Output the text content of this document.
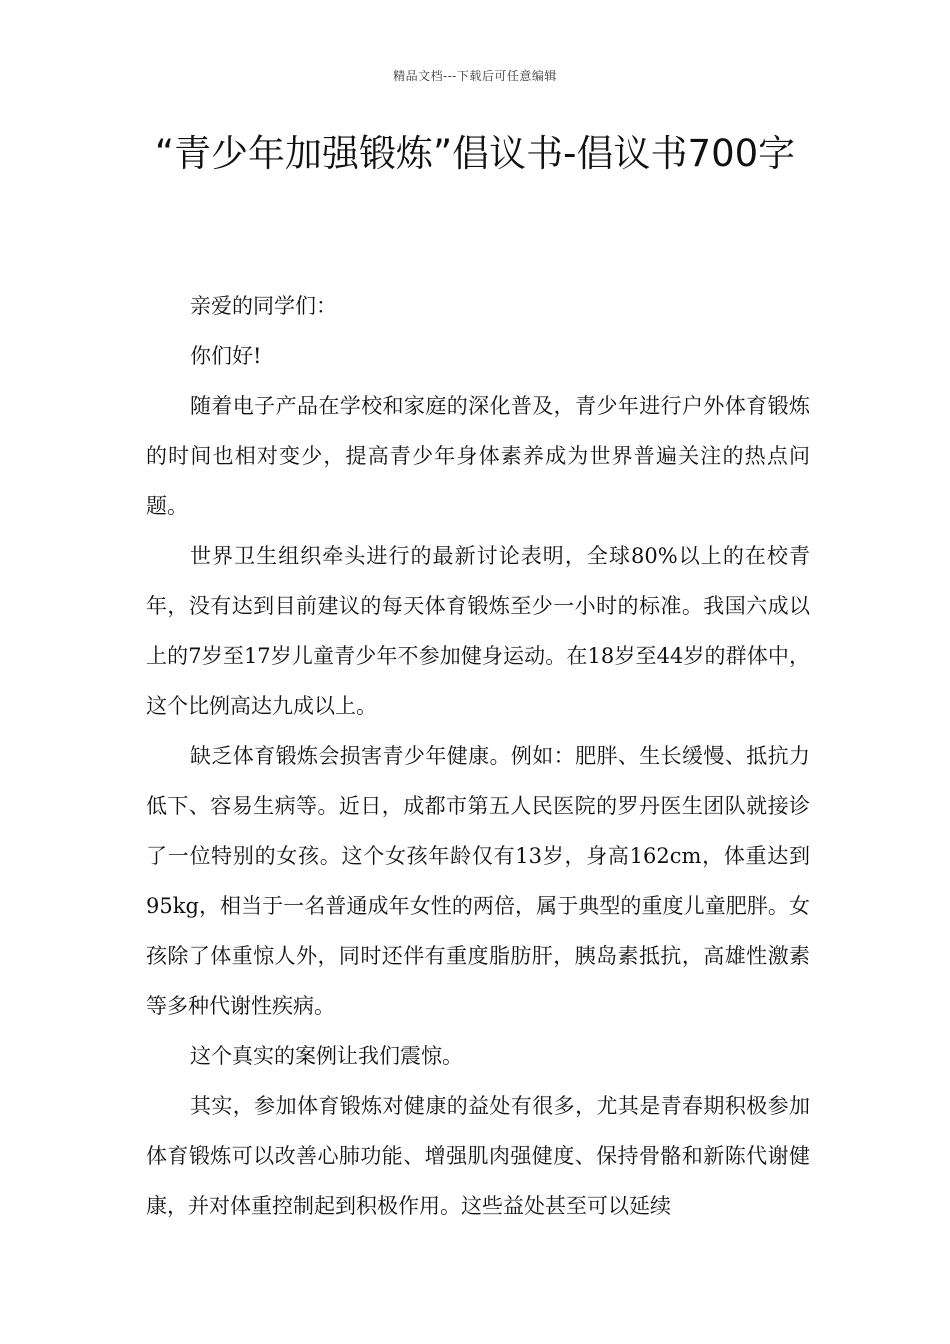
精品文档---下载后可任意编辑
“青少年加强锻炼”倡议书-倡议书700字

亲爱的同学们：

你们好!

随着电子产品在学校和家庭的深化普及，青少年进行户外体育锻炼的时间也相对变少，提高青少年身体素养成为世界普遍关注的热点问题。

世界卫生组织牵头进行的最新讨论表明，全球80%以上的在校青年，没有达到目前建议的每天体育锻炼至少一小时的标准。我国六成以上的7岁至17岁儿童青少年不参加健身运动。在18岁至44岁的群体中，这个比例高达九成以上。

缺乏体育锻炼会损害青少年健康。例如：肥胖、生长缓慢、抵抗力低下、容易生病等。近日，成都市第五人民医院的罗丹医生团队就接诊了一位特别的女孩。这个女孩年龄仅有13岁，身高162cm，体重达到95kg，相当于一名普通成年女性的两倍，属于典型的重度儿童肥胖。女孩除了体重惊人外，同时还伴有重度脂肪肝，胰岛素抵抗，高雄性激素等多种代谢性疾病。

这个真实的案例让我们震惊。

其实，参加体育锻炼对健康的益处有很多，尤其是青春期积极参加体育锻炼可以改善心肺功能、增强肌肉强健度、保持骨骼和新陈代谢健康，并对体重控制起到积极作用。这些益处甚至可以延续
